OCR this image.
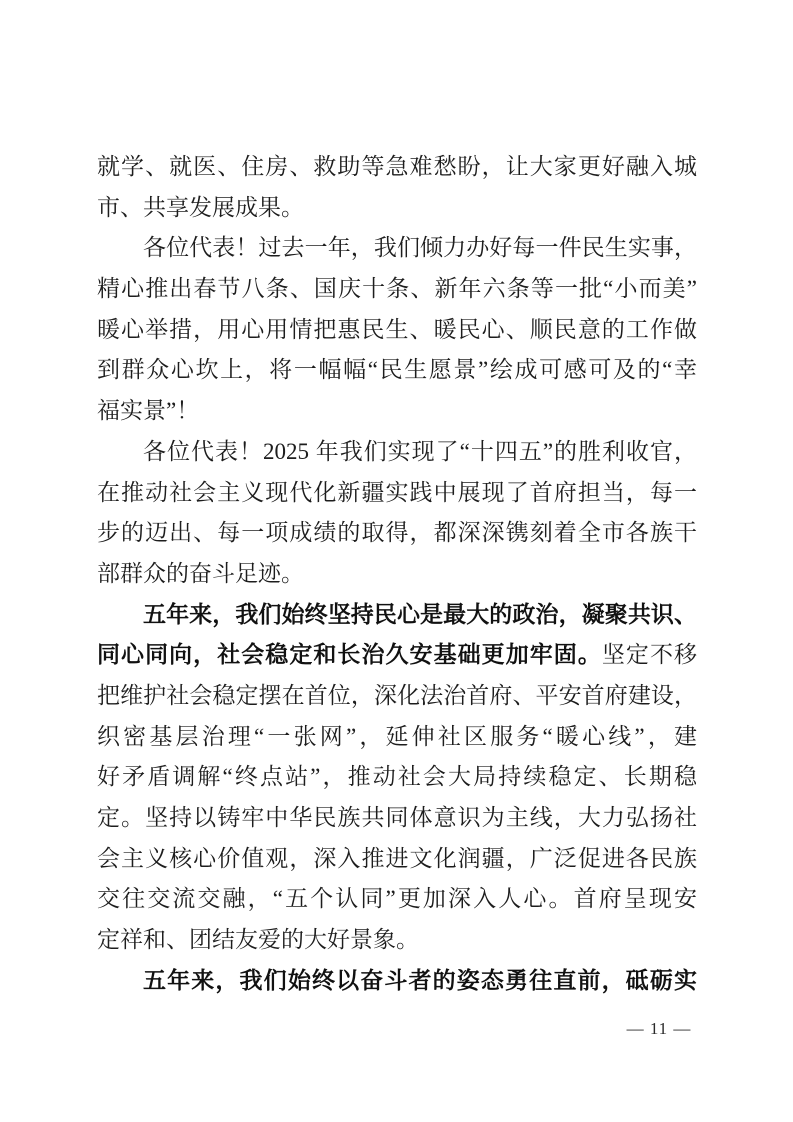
就学、就医、住房、救助等急难愁盼，让大家更好融入城
市、共享发展成果。
各位代表！过去一年，我们倾力办好每一件民生实事，
精心推出春节八条、国庆十条、新年六条等一批“小而美”
暖心举措，用心用情把惠民生、暖民心、顺民意的工作做
到群众心坎上，将一幅幅“民生愿景”绘成可感可及的“幸
福实景”！
各位代表！2025 年我们实现了“十四五”的胜利收官，
在推动社会主义现代化新疆实践中展现了首府担当，每一
步的迈出、每一项成绩的取得，都深深镌刻着全市各族干
部群众的奋斗足迹。
五年来，我们始终坚持民心是最大的政治，凝聚共识、
同心同向，社会稳定和长治久安基础更加牢固。坚定不移
把维护社会稳定摆在首位，深化法治首府、平安首府建设，
织密基层治理“一张网”，延伸社区服务“暖心线”，建
好矛盾调解“终点站”，推动社会大局持续稳定、长期稳
定。坚持以铸牢中华民族共同体意识为主线，大力弘扬社
会主义核心价值观，深入推进文化润疆，广泛促进各民族
交往交流交融，“五个认同”更加深入人心。首府呈现安
定祥和、团结友爱的大好景象。
五年来，我们始终以奋斗者的姿态勇往直前，砥砺实
— 11 —
